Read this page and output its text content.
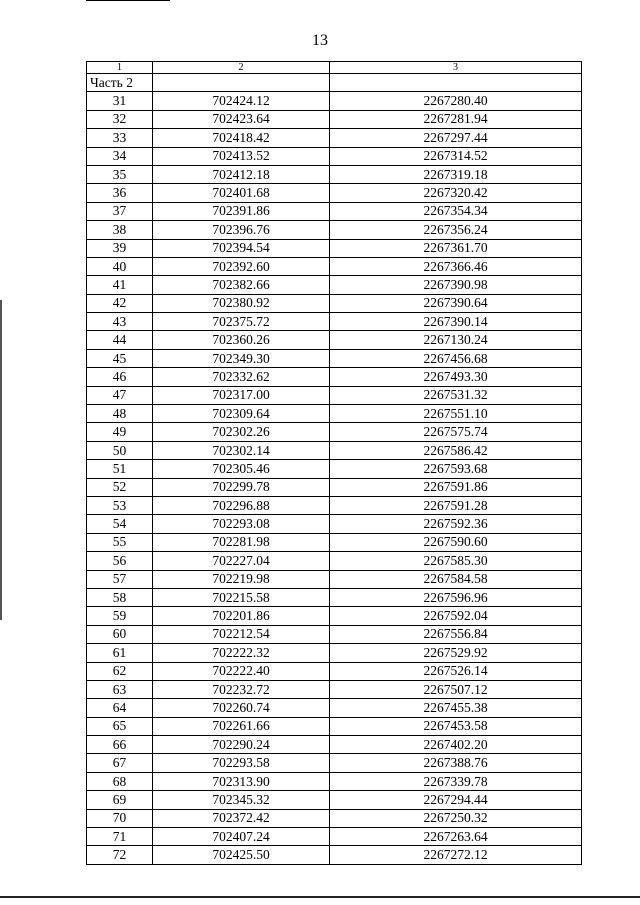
13
1	2	3
Часть 2		
31	702424.12	2267280.40
32	702423.64	2267281.94
33	702418.42	2267297.44
34	702413.52	2267314.52
35	702412.18	2267319.18
36	702401.68	2267320.42
37	702391.86	2267354.34
38	702396.76	2267356.24
39	702394.54	2267361.70
40	702392.60	2267366.46
41	702382.66	2267390.98
42	702380.92	2267390.64
43	702375.72	2267390.14
44	702360.26	2267130.24
45	702349.30	2267456.68
46	702332.62	2267493.30
47	702317.00	2267531.32
48	702309.64	2267551.10
49	702302.26	2267575.74
50	702302.14	2267586.42
51	702305.46	2267593.68
52	702299.78	2267591.86
53	702296.88	2267591.28
54	702293.08	2267592.36
55	702281.98	2267590.60
56	702227.04	2267585.30
57	702219.98	2267584.58
58	702215.58	2267596.96
59	702201.86	2267592.04
60	702212.54	2267556.84
61	702222.32	2267529.92
62	702222.40	2267526.14
63	702232.72	2267507.12
64	702260.74	2267455.38
65	702261.66	2267453.58
66	702290.24	2267402.20
67	702293.58	2267388.76
68	702313.90	2267339.78
69	702345.32	2267294.44
70	702372.42	2267250.32
71	702407.24	2267263.64
72	702425.50	2267272.12
